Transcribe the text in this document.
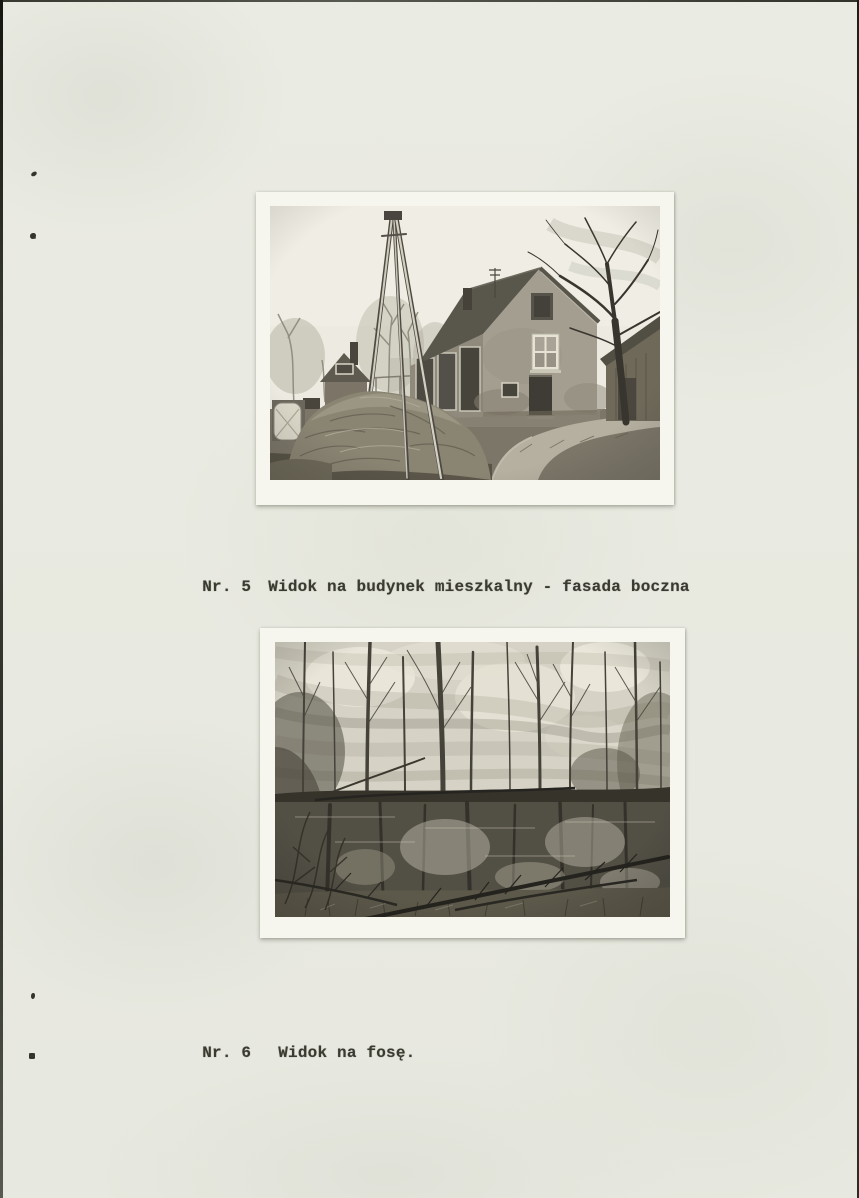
Nr. 5 Widok na budynek mieszkalny - fasada boczna

Nr. 6 Widok na fosę.
